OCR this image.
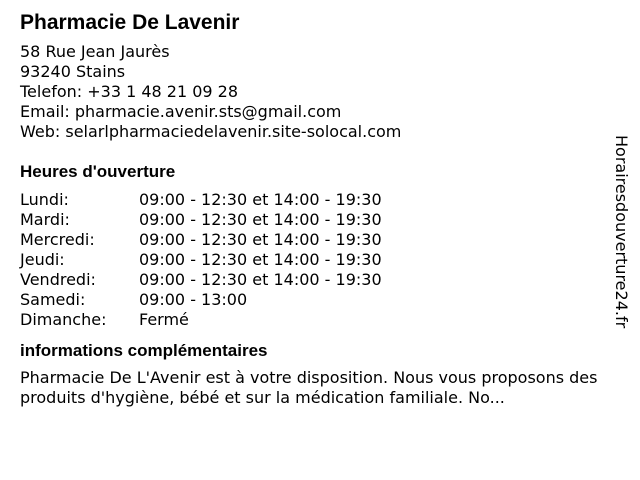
Pharmacie De Lavenir
58 Rue Jean Jaurès
93240 Stains
Telefon: +33 1 48 21 09 28
Email: pharmacie.avenir.sts@gmail.com
Web: selarlpharmaciedelavenir.site-solocal.com
Heures d'ouverture
Lundi:	09:00 - 12:30 et 14:00 - 19:30
Mardi:	09:00 - 12:30 et 14:00 - 19:30
Mercredi:	09:00 - 12:30 et 14:00 - 19:30
Jeudi:	09:00 - 12:30 et 14:00 - 19:30
Vendredi:	09:00 - 12:30 et 14:00 - 19:30
Samedi:	09:00 - 13:00
Dimanche:	Fermé
informations complémentaires
Pharmacie De L'Avenir est à votre disposition. Nous vous proposons des produits d'hygiène, bébé et sur la médication familiale. No...
Horairesdouverture24.fr
